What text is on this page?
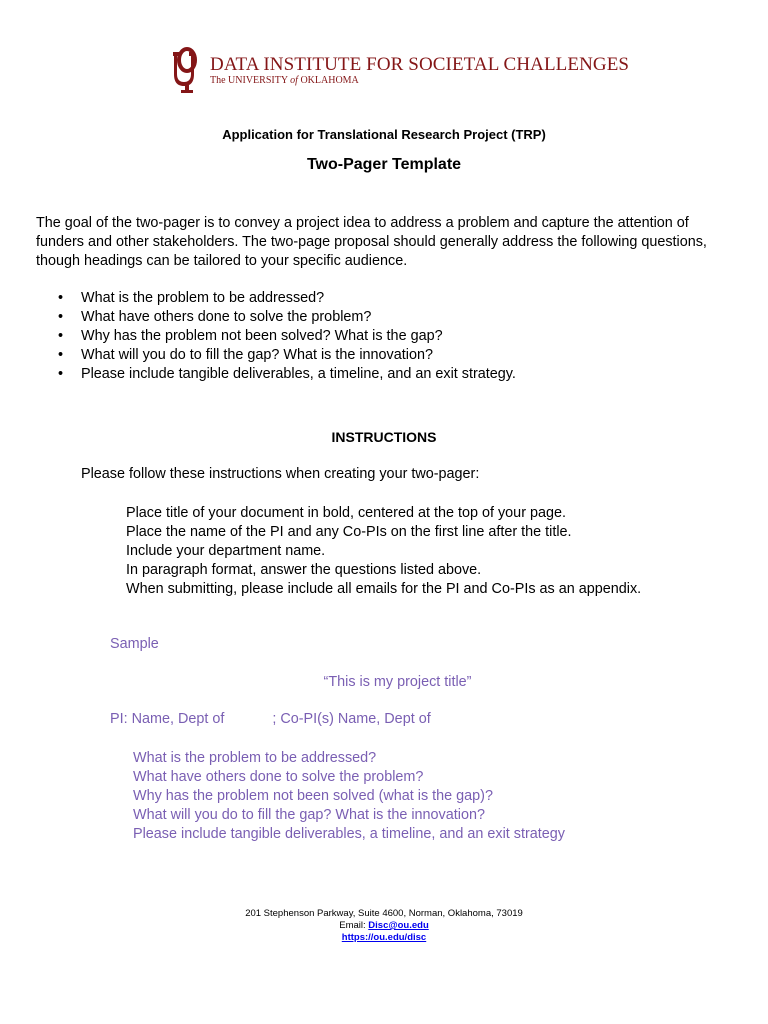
DATA INSTITUTE FOR SOCIETAL CHALLENGES
The UNIVERSITY of OKLAHOMA
Application for Translational Research Project (TRP)
Two-Pager Template
The goal of the two-pager is to convey a project idea to address a problem and capture the attention of funders and other stakeholders. The two-page proposal should generally address the following questions, though headings can be tailored to your specific audience.
• What is the problem to be addressed?
• What have others done to solve the problem?
• Why has the problem not been solved? What is the gap?
• What will you do to fill the gap? What is the innovation?
• Please include tangible deliverables, a timeline, and an exit strategy.
INSTRUCTIONS
Please follow these instructions when creating your two-pager:
Place title of your document in bold, centered at the top of your page.
Place the name of the PI and any Co-PIs on the first line after the title.
Include your department name.
In paragraph format, answer the questions listed above.
When submitting, please include all emails for the PI and Co-PIs as an appendix.
Sample
“This is my project title”
PI: Name, Dept of            ; Co-PI(s) Name, Dept of
What is the problem to be addressed?
What have others done to solve the problem?
Why has the problem not been solved (what is the gap)?
What will you do to fill the gap? What is the innovation?
Please include tangible deliverables, a timeline, and an exit strategy
201 Stephenson Parkway, Suite 4600, Norman, Oklahoma, 73019
Email: Disc@ou.edu
https://ou.edu/disc
